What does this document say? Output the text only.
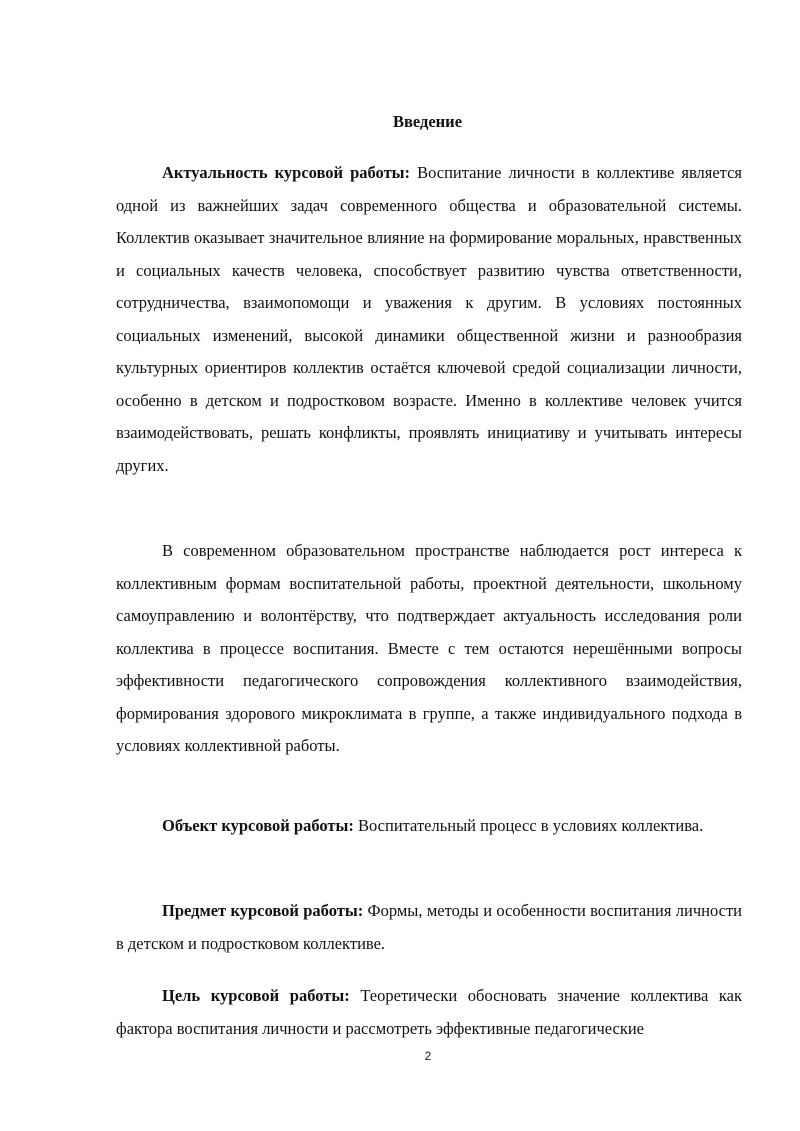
Введение

Актуальность курсовой работы: Воспитание личности в коллективе является одной из важнейших задач современного общества и образовательной системы. Коллектив оказывает значительное влияние на формирование моральных, нравственных и социальных качеств человека, способствует развитию чувства ответственности, сотрудничества, взаимопомощи и уважения к другим. В условиях постоянных социальных изменений, высокой динамики общественной жизни и разнообразия культурных ориентиров коллектив остаётся ключевой средой социализации личности, особенно в детском и подростковом возрасте. Именно в коллективе человек учится взаимодействовать, решать конфликты, проявлять инициативу и учитывать интересы других.

В современном образовательном пространстве наблюдается рост интереса к коллективным формам воспитательной работы, проектной деятельности, школьному самоуправлению и волонтёрству, что подтверждает актуальность исследования роли коллектива в процессе воспитания. Вместе с тем остаются нерешёнными вопросы эффективности педагогического сопровождения коллективного взаимодействия, формирования здорового микроклимата в группе, а также индивидуального подхода в условиях коллективной работы.

Объект курсовой работы: Воспитательный процесс в условиях коллектива.

Предмет курсовой работы: Формы, методы и особенности воспитания личности в детском и подростковом коллективе.

Цель курсовой работы: Теоретически обосновать значение коллектива как фактора воспитания личности и рассмотреть эффективные педагогические

2
